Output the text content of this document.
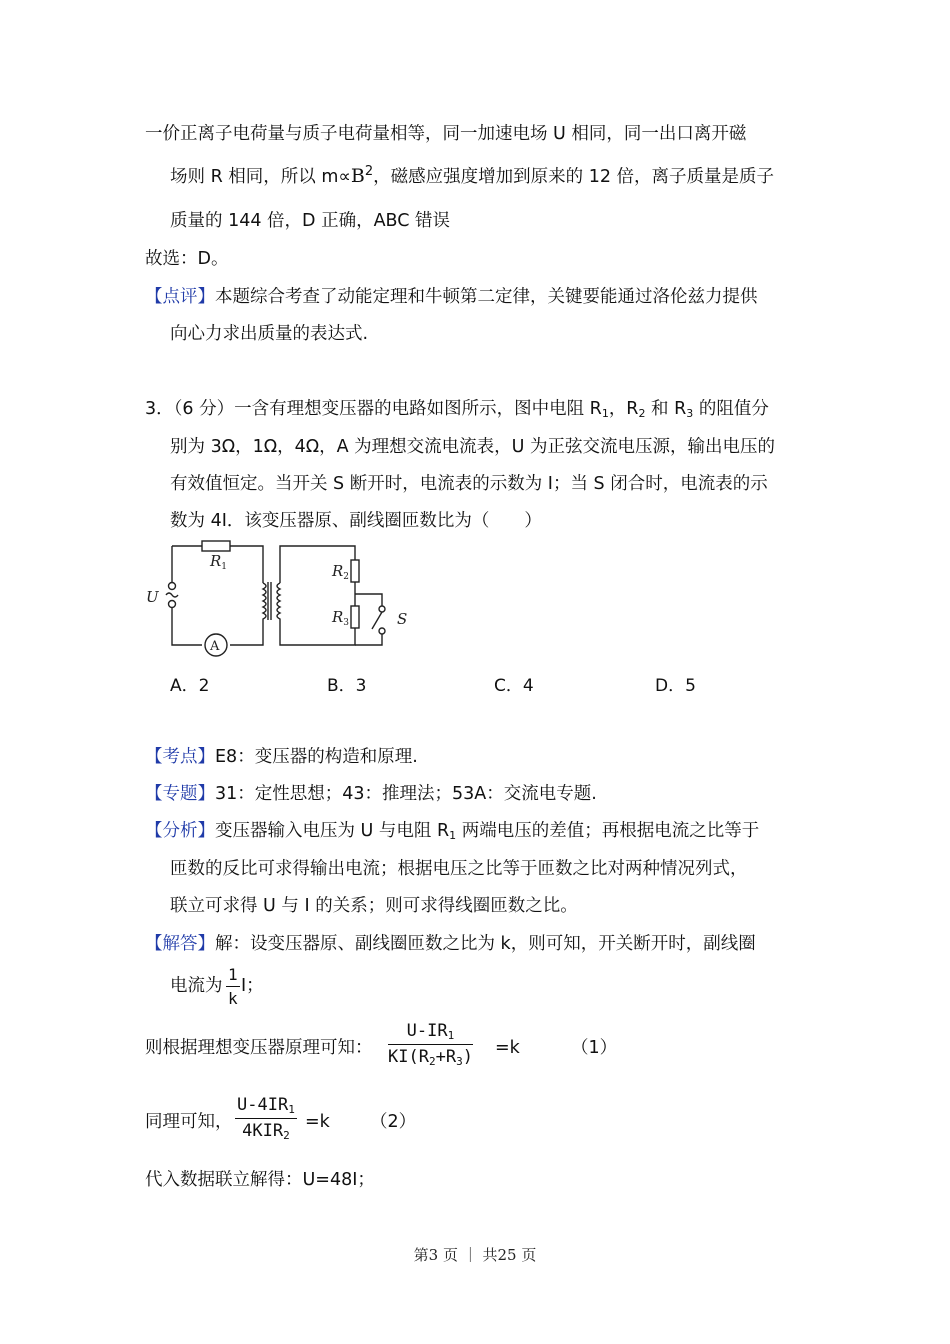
一价正离子电荷量与质子电荷量相等，同一加速电场 U 相同，同一出口离开磁
场则 R 相同，所以 $m\propto B^2$，磁感应强度增加到原来的 12 倍，离子质量是质子
质量的 144 倍，D 正确，ABC 错误
故选：D。
【点评】本题综合考查了动能定理和牛顿第二定律，关键要能通过洛伦兹力提供
向心力求出质量的表达式.
3．（6 分）一含有理想变压器的电路如图所示，图中电阻 $R_1$，$R_2$ 和 $R_3$ 的阻值分
别为 3Ω，1Ω，4Ω，A 为理想交流电流表，U 为正弦交流电压源，输出电压的
有效值恒定。当开关 S 断开时，电流表的示数为 I；当 S 闭合时，电流表的示
数为 4I．该变压器原、副线圈匝数比为（　　）
$R_1$
U
$R_2$
$R_3$	S
A
A．2	B．3	C．4	D．5
【考点】E8：变压器的构造和原理.
【专题】31：定性思想；43：推理法；53A：交流电专题.
【分析】变压器输入电压为 U 与电阻 $R_1$ 两端电压的差值；再根据电流之比等于
匝数的反比可求得输出电流；根据电压之比等于匝数之比对两种情况列式，
联立可求得 U 与 I 的关系；则可求得线圈匝数之比。
【解答】解：设变压器原、副线圈匝数之比为 k，则可知，开关断开时，副线圈
电流为
1
k
I；
则根据理想变压器原理可知：
$U-IR_1$
$KI(R_2+R_3) =k$	（1）
同理可知，
$U-4IR_1$
$4KIR_2$
=k （2）
代入数据联立解得：U=48I；
第3 页 ｜ 共25 页
